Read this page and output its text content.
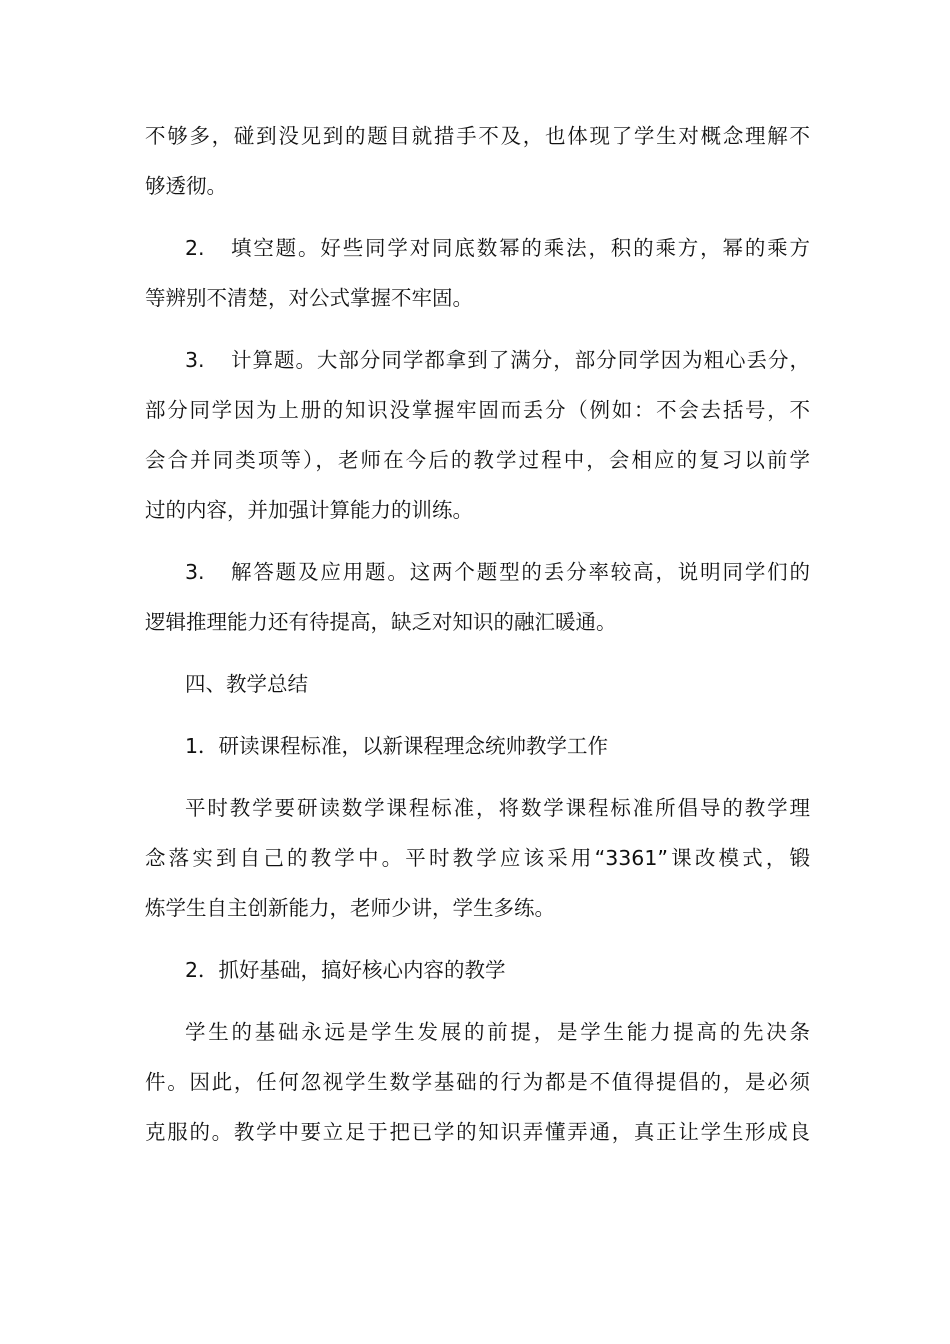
不够多，碰到没见到的题目就措手不及，也体现了学生对概念理解不
够透彻。
2. 填空题。好些同学对同底数幂的乘法，积的乘方，幂的乘方
等辨别不清楚，对公式掌握不牢固。
3. 计算题。大部分同学都拿到了满分，部分同学因为粗心丢分，
部分同学因为上册的知识没掌握牢固而丢分（例如：不会去括号，不
会合并同类项等），老师在今后的教学过程中，会相应的复习以前学
过的内容，并加强计算能力的训练。
3. 解答题及应用题。这两个题型的丢分率较高，说明同学们的
逻辑推理能力还有待提高，缺乏对知识的融汇暖通。
四、教学总结
1．研读课程标准，以新课程理念统帅教学工作
平时教学要研读数学课程标准，将数学课程标准所倡导的教学理
念落实到自己的教学中。平时教学应该采用“3361”课改模式，锻
炼学生自主创新能力，老师少讲，学生多练。
2．抓好基础，搞好核心内容的教学
学生的基础永远是学生发展的前提，是学生能力提高的先决条
件。因此，任何忽视学生数学基础的行为都是不值得提倡的，是必须
克服的。教学中要立足于把已学的知识弄懂弄通，真正让学生形成良
